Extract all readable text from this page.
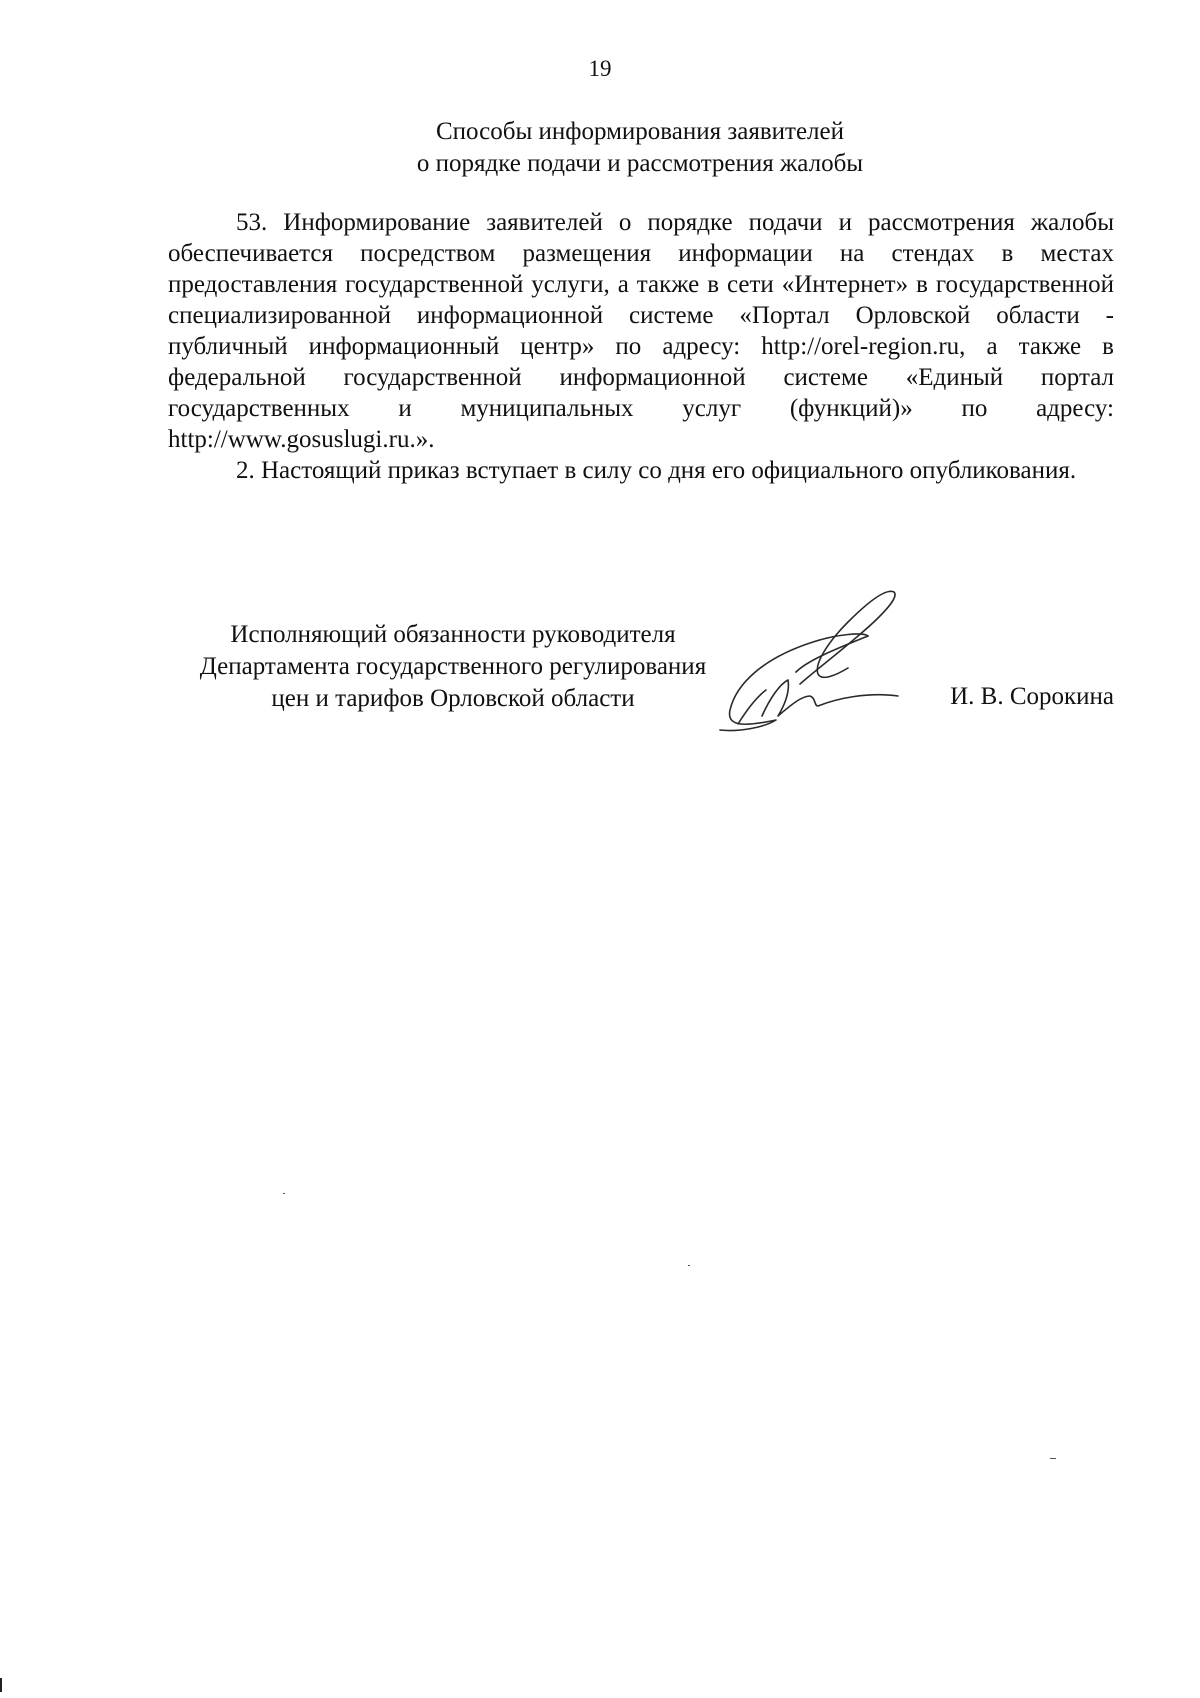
19
Способы информирования заявителей
о порядке подачи и рассмотрения жалобы

53. Информирование заявителей о порядке подачи и рассмотрения жалобы обеспечивается посредством размещения информации на стендах в местах предоставления государственной услуги, а также в сети «Интернет» в государственной специализированной информационной системе «Портал Орловской области - публичный информационный центр» по адресу: http://orel-region.ru, а также в федеральной государственной информационной системе «Единый портал государственных и муниципальных услуг (функций)» по адресу: http://www.gosuslugi.ru.».

2. Настоящий приказ вступает в силу со дня его официального опубликования.

Исполняющий обязанности руководителя
Департамента государственного регулирования
цен и тарифов Орловской области	И. В. Сорокина
